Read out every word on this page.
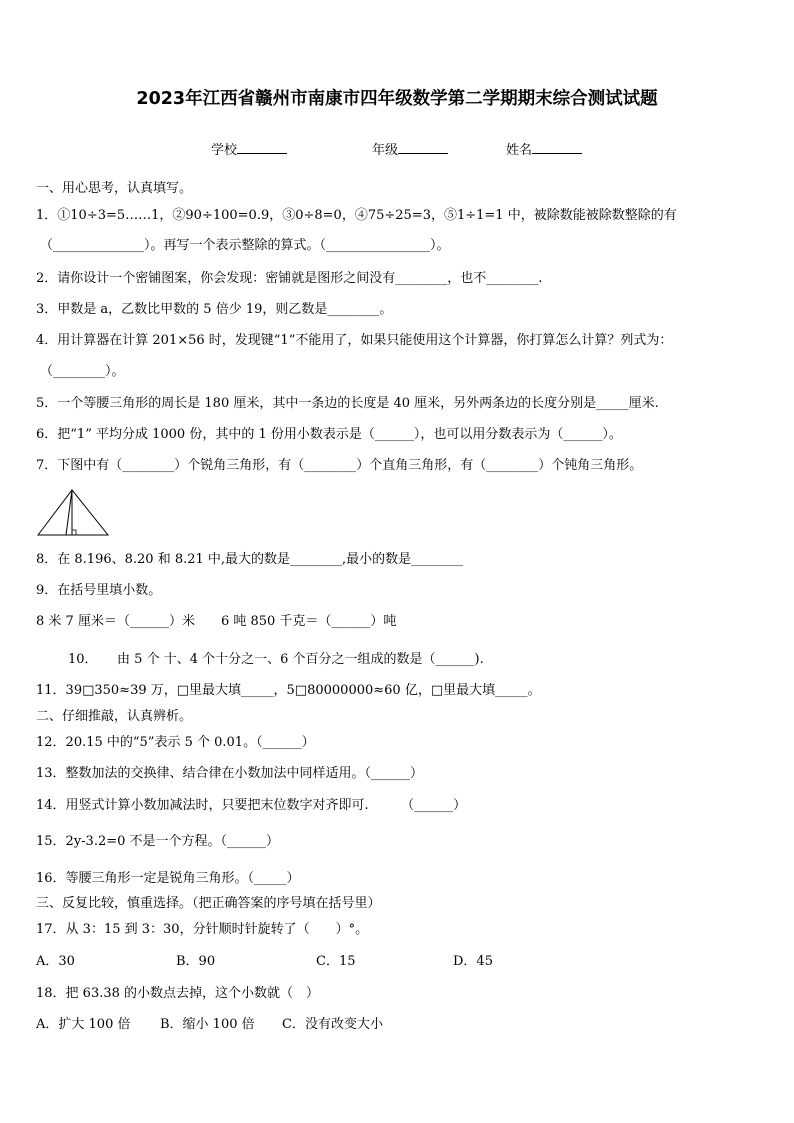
2023年江西省赣州市南康市四年级数学第二学期期末综合测试试题
学校	年级	姓名
一、用心思考，认真填写。
1．①10÷3=5……1，②90÷100=0.9，③0÷8=0，④75÷25=3，⑤1÷1=1 中，被除数能被除数整除的有
（______________）。再写一个表示整除的算式。（________________）。
2．请你设计一个密铺图案，你会发现：密铺就是图形之间没有________，也不________.
3．甲数是 a，乙数比甲数的 5 倍少 19，则乙数是________。
4．用计算器在计算 201×56 时，发现键“1”不能用了，如果只能使用这个计算器，你打算怎么计算？列式为：
（________）。
5．一个等腰三角形的周长是 180 厘米，其中一条边的长度是 40 厘米，另外两条边的长度分别是_____厘米.
6．把“1” 平均分成 1000 份，其中的 1 份用小数表示是（______），也可以用分数表示为（______）。
7．下图中有（________）个锐角三角形，有（________）个直角三角形，有（________）个钝角三角形。
8．在 8.196、8.20 和 8.21 中,最大的数是________,最小的数是________
9．在括号里填小数。
8 米 7 厘米＝（______）米　　6 吨 850 千克＝（______）吨
10．　　由 5 个 十、4 个十分之一、6 个百分之一组成的数是（______).
11．39□350≈39 万，□里最大填_____，5□80000000≈60 亿，□里最大填_____。
二、仔细推敲，认真辨析。
12．20.15 中的“5”表示 5 个 0.01。（______）
13．整数加法的交换律、结合律在小数加法中同样适用。（______）
14．用竖式计算小数加减法时，只要把末位数字对齐即可.　　　（______）
15．2y-3.2=0 不是一个方程。（______）
16．等腰三角形一定是锐角三角形。（_____）
三、反复比较，慎重选择。（把正确答案的序号填在括号里）
17．从 3：15 到 3：30，分针顺时针旋转了（　　）°。
A．30	B．90	C．15	D．45
18．把 63.38 的小数点去掉，这个小数就（　）
A．扩大 100 倍 B．缩小 100 倍 C．没有改变大小
